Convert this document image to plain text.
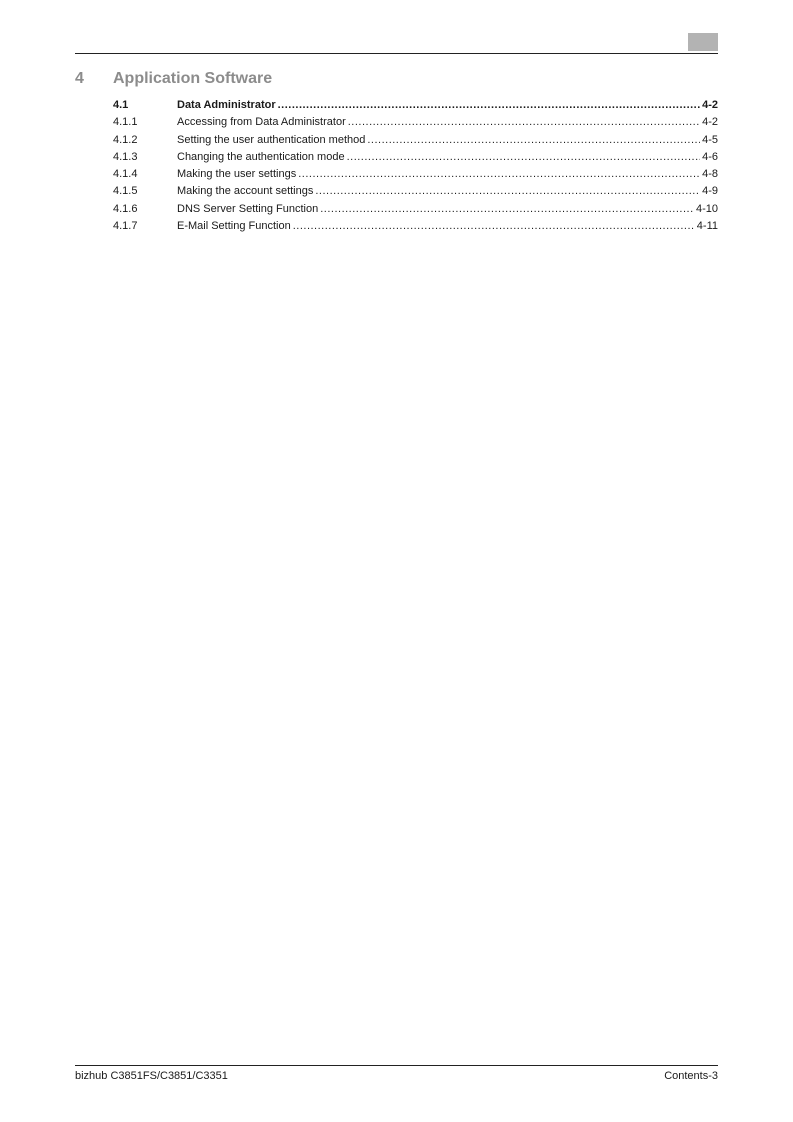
4 Application Software
4.1	Data Administrator .....	4-2
4.1.1	Accessing from Data Administrator .....	4-2
4.1.2	Setting the user authentication method .....	4-5
4.1.3	Changing the authentication mode .....	4-6
4.1.4	Making the user settings .....	4-8
4.1.5	Making the account settings .....	4-9
4.1.6	DNS Server Setting Function .....	4-10
4.1.7	E-Mail Setting Function .....	4-11
bizhub C3851FS/C3851/C3351	Contents-3
